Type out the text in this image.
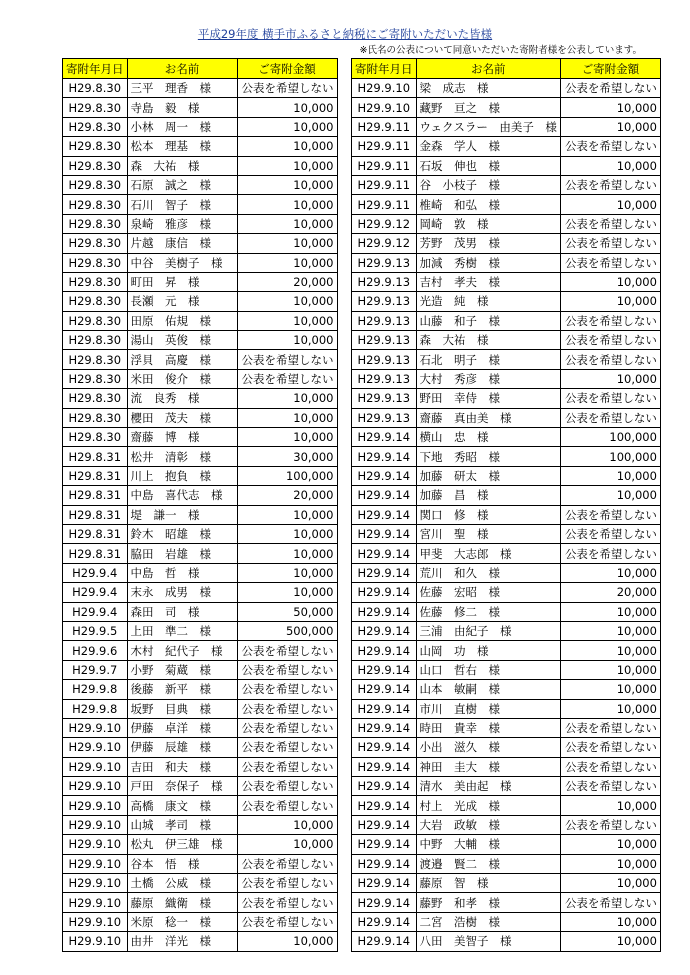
平成29年度 横手市ふるさと納税にご寄附いただいた皆様
※氏名の公表について同意いただいた寄附者様を公表しています。
寄附年月日	お名前	ご寄附金額
H29.8.30	三平　理香　様	公表を希望しない
H29.8.30	寺島　毅　様	10,000
H29.8.30	小林　周一　様	10,000
H29.8.30	松本　理基　様	10,000
H29.8.30	森　大祐　様	10,000
H29.8.30	石原　誠之　様	10,000
H29.8.30	石川　智子　様	10,000
H29.8.30	泉崎　雅彦　様	10,000
H29.8.30	片越　康信　様	10,000
H29.8.30	中谷　美樹子　様	10,000
H29.8.30	町田　昇　様	20,000
H29.8.30	長瀬　元　様	10,000
H29.8.30	田原　佑規　様	10,000
H29.8.30	湯山　英俊　様	10,000
H29.8.30	浮貝　高慶　様	公表を希望しない
H29.8.30	米田　俊介　様	公表を希望しない
H29.8.30	流　良秀　様	10,000
H29.8.30	櫻田　茂夫　様	10,000
H29.8.30	齋藤　博　様	10,000
H29.8.31	松井　清彰　様	30,000
H29.8.31	川上　抱負　様	100,000
H29.8.31	中島　喜代志　様	20,000
H29.8.31	堤　謙一　様	10,000
H29.8.31	鈴木　昭雄　様	10,000
H29.8.31	脇田　岩雄　様	10,000
H29.9.4	中島　哲　様	10,000
H29.9.4	末永　成男　様	10,000
H29.9.4	森田　司　様	50,000
H29.9.5	上田　準二　様	500,000
H29.9.6	木村　紀代子　様	公表を希望しない
H29.9.7	小野　菊蔵　様	公表を希望しない
H29.9.8	後藤　新平　様	公表を希望しない
H29.9.8	坂野　目典　様	公表を希望しない
H29.9.10	伊藤　卓洋　様	公表を希望しない
H29.9.10	伊藤　辰雄　様	公表を希望しない
H29.9.10	吉田　和夫　様	公表を希望しない
H29.9.10	戸田　奈保子　様	公表を希望しない
H29.9.10	高橋　康文　様	公表を希望しない
H29.9.10	山城　孝司　様	10,000
H29.9.10	松丸　伊三雄　様	10,000
H29.9.10	谷本　悟　様	公表を希望しない
H29.9.10	土橋　公威　様	公表を希望しない
H29.9.10	藤原　織衛　様	公表を希望しない
H29.9.10	米原　稔一　様	公表を希望しない
H29.9.10	由井　洋光　様	10,000
寄附年月日	お名前	ご寄附金額
H29.9.10	梁　成志　様	公表を希望しない
H29.9.10	藏野　亘之　様	10,000
H29.9.11	ウェクスラー　由美子　様	10,000
H29.9.11	金森　学人　様	公表を希望しない
H29.9.11	石坂　伸也　様	10,000
H29.9.11	谷　小枝子　様	公表を希望しない
H29.9.11	椎崎　和弘　様	10,000
H29.9.12	岡崎　敦　様	公表を希望しない
H29.9.12	芳野　茂男　様	公表を希望しない
H29.9.13	加減　秀樹　様	公表を希望しない
H29.9.13	吉村　孝夫　様	10,000
H29.9.13	光造　純　様	10,000
H29.9.13	山藤　和子　様	公表を希望しない
H29.9.13	森　大祐　様	公表を希望しない
H29.9.13	石北　明子　様	公表を希望しない
H29.9.13	大村　秀彦　様	10,000
H29.9.13	野田　幸侍　様	公表を希望しない
H29.9.13	齋藤　真由美　様	公表を希望しない
H29.9.14	横山　忠　様	100,000
H29.9.14	下地　秀昭　様	100,000
H29.9.14	加藤　研太　様	10,000
H29.9.14	加藤　昌　様	10,000
H29.9.14	関口　修　様	公表を希望しない
H29.9.14	宮川　聖　様	公表を希望しない
H29.9.14	甲斐　大志郎　様	公表を希望しない
H29.9.14	荒川　和久　様	10,000
H29.9.14	佐藤　宏昭　様	20,000
H29.9.14	佐藤　修二　様	10,000
H29.9.14	三浦　由紀子　様	10,000
H29.9.14	山岡　功　様	10,000
H29.9.14	山口　哲右　様	10,000
H29.9.14	山本　敏嗣　様	10,000
H29.9.14	市川　直樹　様	10,000
H29.9.14	時田　貴幸　様	公表を希望しない
H29.9.14	小出　滋久　様	公表を希望しない
H29.9.14	神田　圭大　様	公表を希望しない
H29.9.14	清水　美由起　様	公表を希望しない
H29.9.14	村上　光成　様	10,000
H29.9.14	大岩　政敏　様	公表を希望しない
H29.9.14	中野　大輔　様	10,000
H29.9.14	渡邉　賢二　様	10,000
H29.9.14	藤原　智　様	10,000
H29.9.14	藤野　和孝　様	公表を希望しない
H29.9.14	二宮　浩樹　様	10,000
H29.9.14	八田　美智子　様	10,000
